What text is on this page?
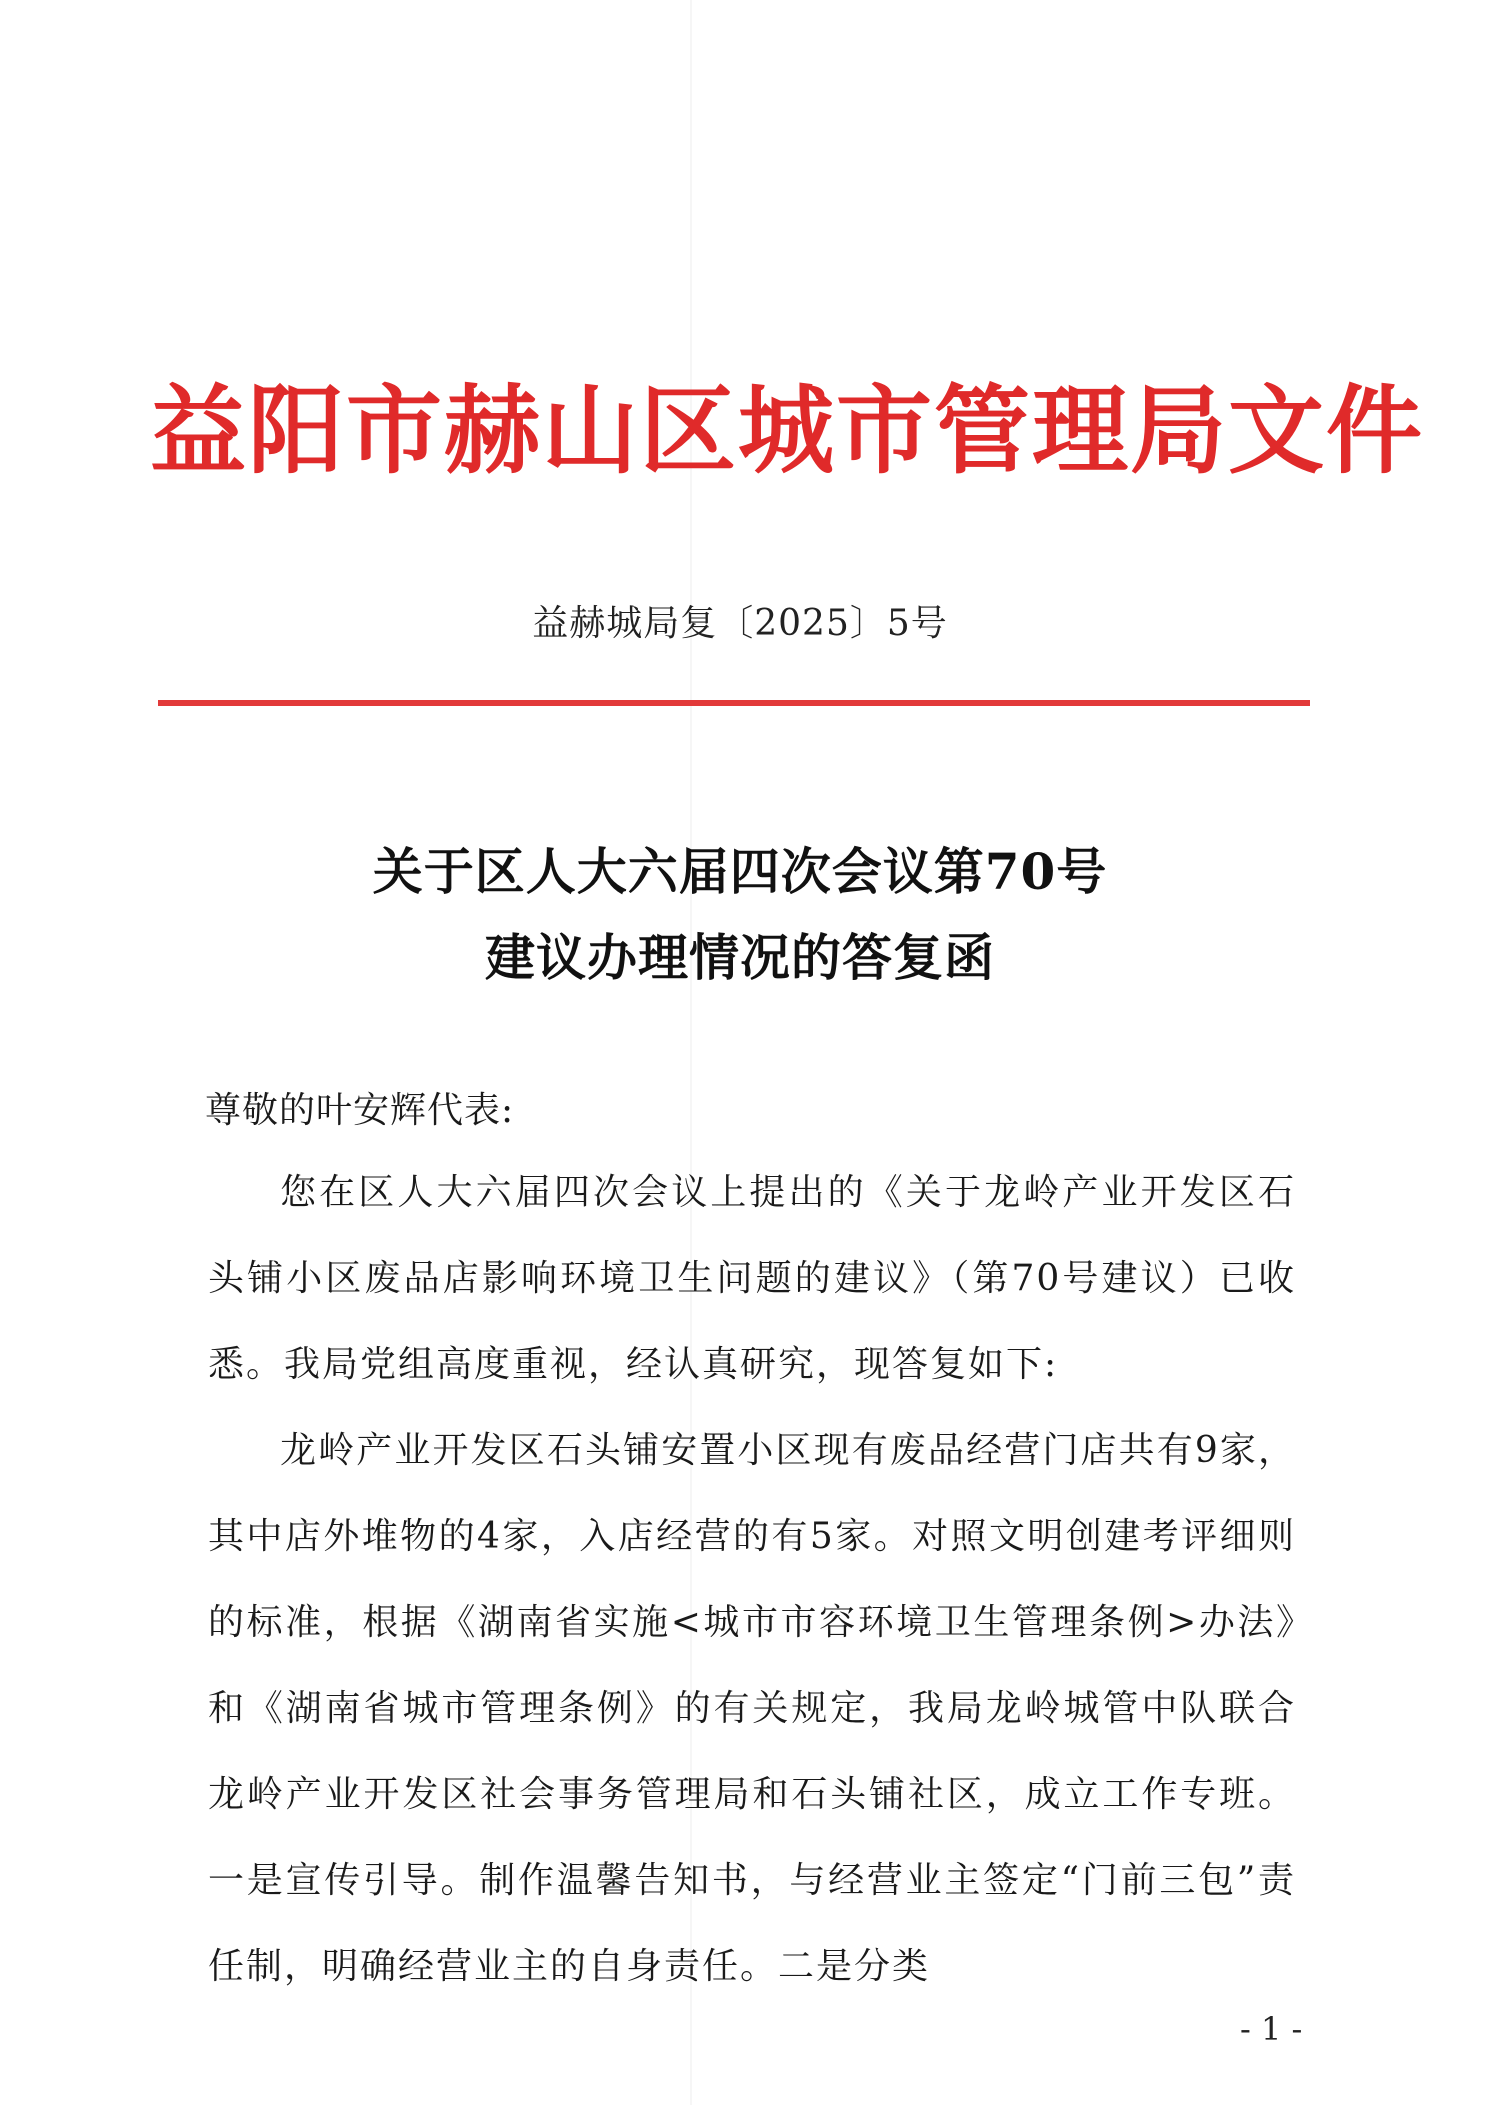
益阳市赫山区城市管理局文件
益赫城局复〔2025〕5号
关于区人大六届四次会议第70号
建议办理情况的答复函
尊敬的叶安辉代表:

您在区人大六届四次会议上提出的《关于龙岭产业开发区石头铺小区废品店影响环境卫生问题的建议》（第70号建议）已收悉。我局党组高度重视，经认真研究，现答复如下:

龙岭产业开发区石头铺安置小区现有废品经营门店共有9家，其中店外堆物的4家，入店经营的有5家。对照文明创建考评细则的标准，根据《湖南省实施<城市市容环境卫生管理条例>办法》和《湖南省城市管理条例》的有关规定，我局龙岭城管中队联合龙岭产业开发区社会事务管理局和石头铺社区，成立工作专班。一是宣传引导。制作温馨告知书，与经营业主签定“门前三包”责任制，明确经营业主的自身责任。二是分类

- 1 -
